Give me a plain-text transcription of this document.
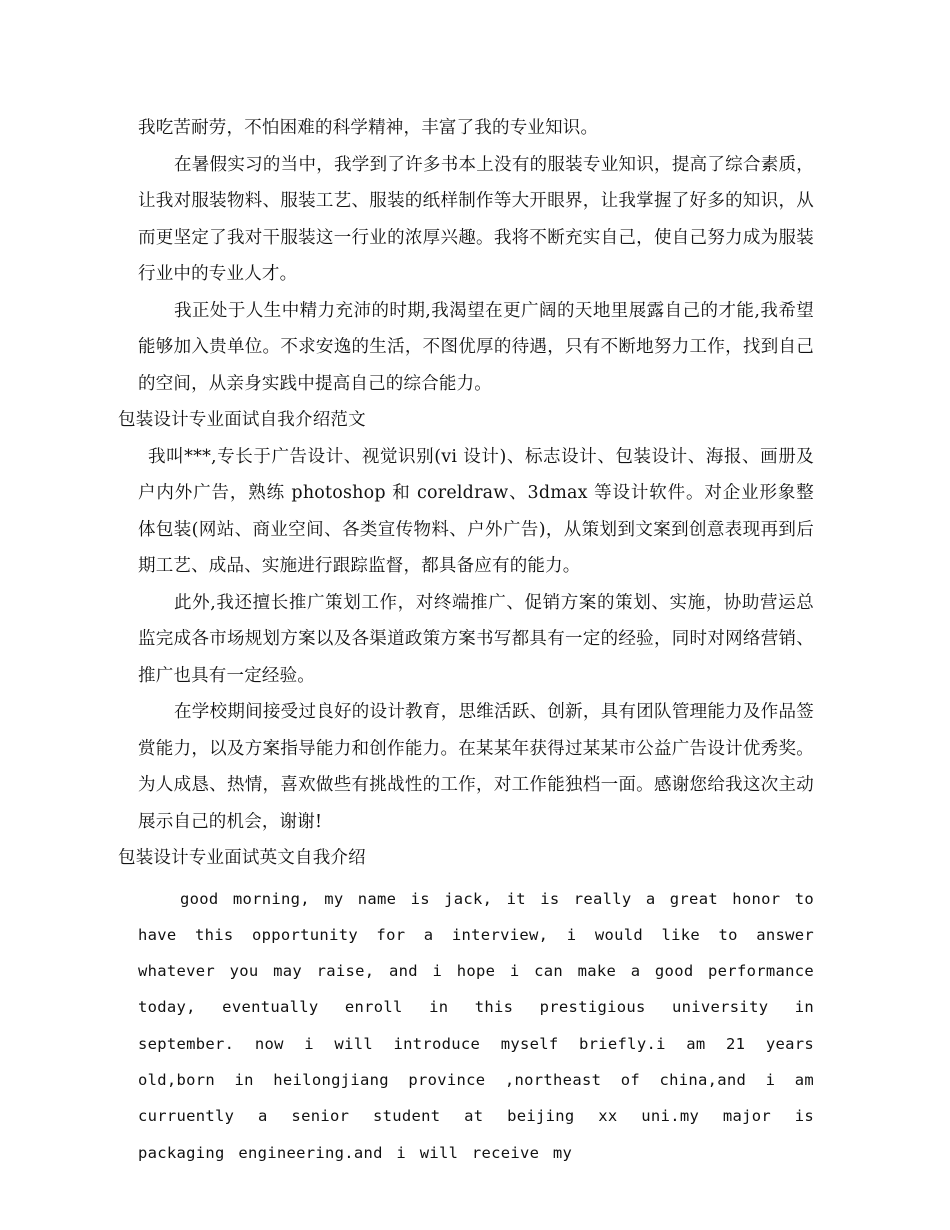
我吃苦耐劳，不怕困难的科学精神，丰富了我的专业知识。

在暑假实习的当中，我学到了许多书本上没有的服装专业知识，提高了综合素质，让我对服装物料、服装工艺、服装的纸样制作等大开眼界，让我掌握了好多的知识，从而更坚定了我对干服装这一行业的浓厚兴趣。我将不断充实自己，使自己努力成为服装行业中的专业人才。

我正处于人生中精力充沛的时期,我渴望在更广阔的天地里展露自己的才能,我希望能够加入贵单位。不求安逸的生活，不图优厚的待遇，只有不断地努力工作，找到自己的空间，从亲身实践中提高自己的综合能力。

包装设计专业面试自我介绍范文

我叫***,专长于广告设计、视觉识别(vi 设计)、标志设计、包装设计、海报、画册及户内外广告，熟练 photoshop 和 coreldraw、3dmax 等设计软件。对企业形象整体包装(网站、商业空间、各类宣传物料、户外广告)，从策划到文案到创意表现再到后期工艺、成品、实施进行跟踪监督，都具备应有的能力。

此外,我还擅长推广策划工作，对终端推广、促销方案的策划、实施，协助营运总监完成各市场规划方案以及各渠道政策方案书写都具有一定的经验，同时对网络营销、推广也具有一定经验。

在学校期间接受过良好的设计教育，思维活跃、创新，具有团队管理能力及作品签赏能力，以及方案指导能力和创作能力。在某某年获得过某某市公益广告设计优秀奖。为人成恳、热情，喜欢做些有挑战性的工作，对工作能独档一面。感谢您给我这次主动展示自己的机会，谢谢!

包装设计专业面试英文自我介绍

good morning, my name is jack, it is really a great honor to have this opportunity for a interview, i would like to answer whatever you may raise, and i hope i can make a good performance today, eventually enroll in this prestigious university in september. now i will introduce myself briefly.i am 21 years old,born in heilongjiang province ,northeast of china,and i am curruently a senior student at beijing xx uni.my major is packaging engineering.and i will receive my
